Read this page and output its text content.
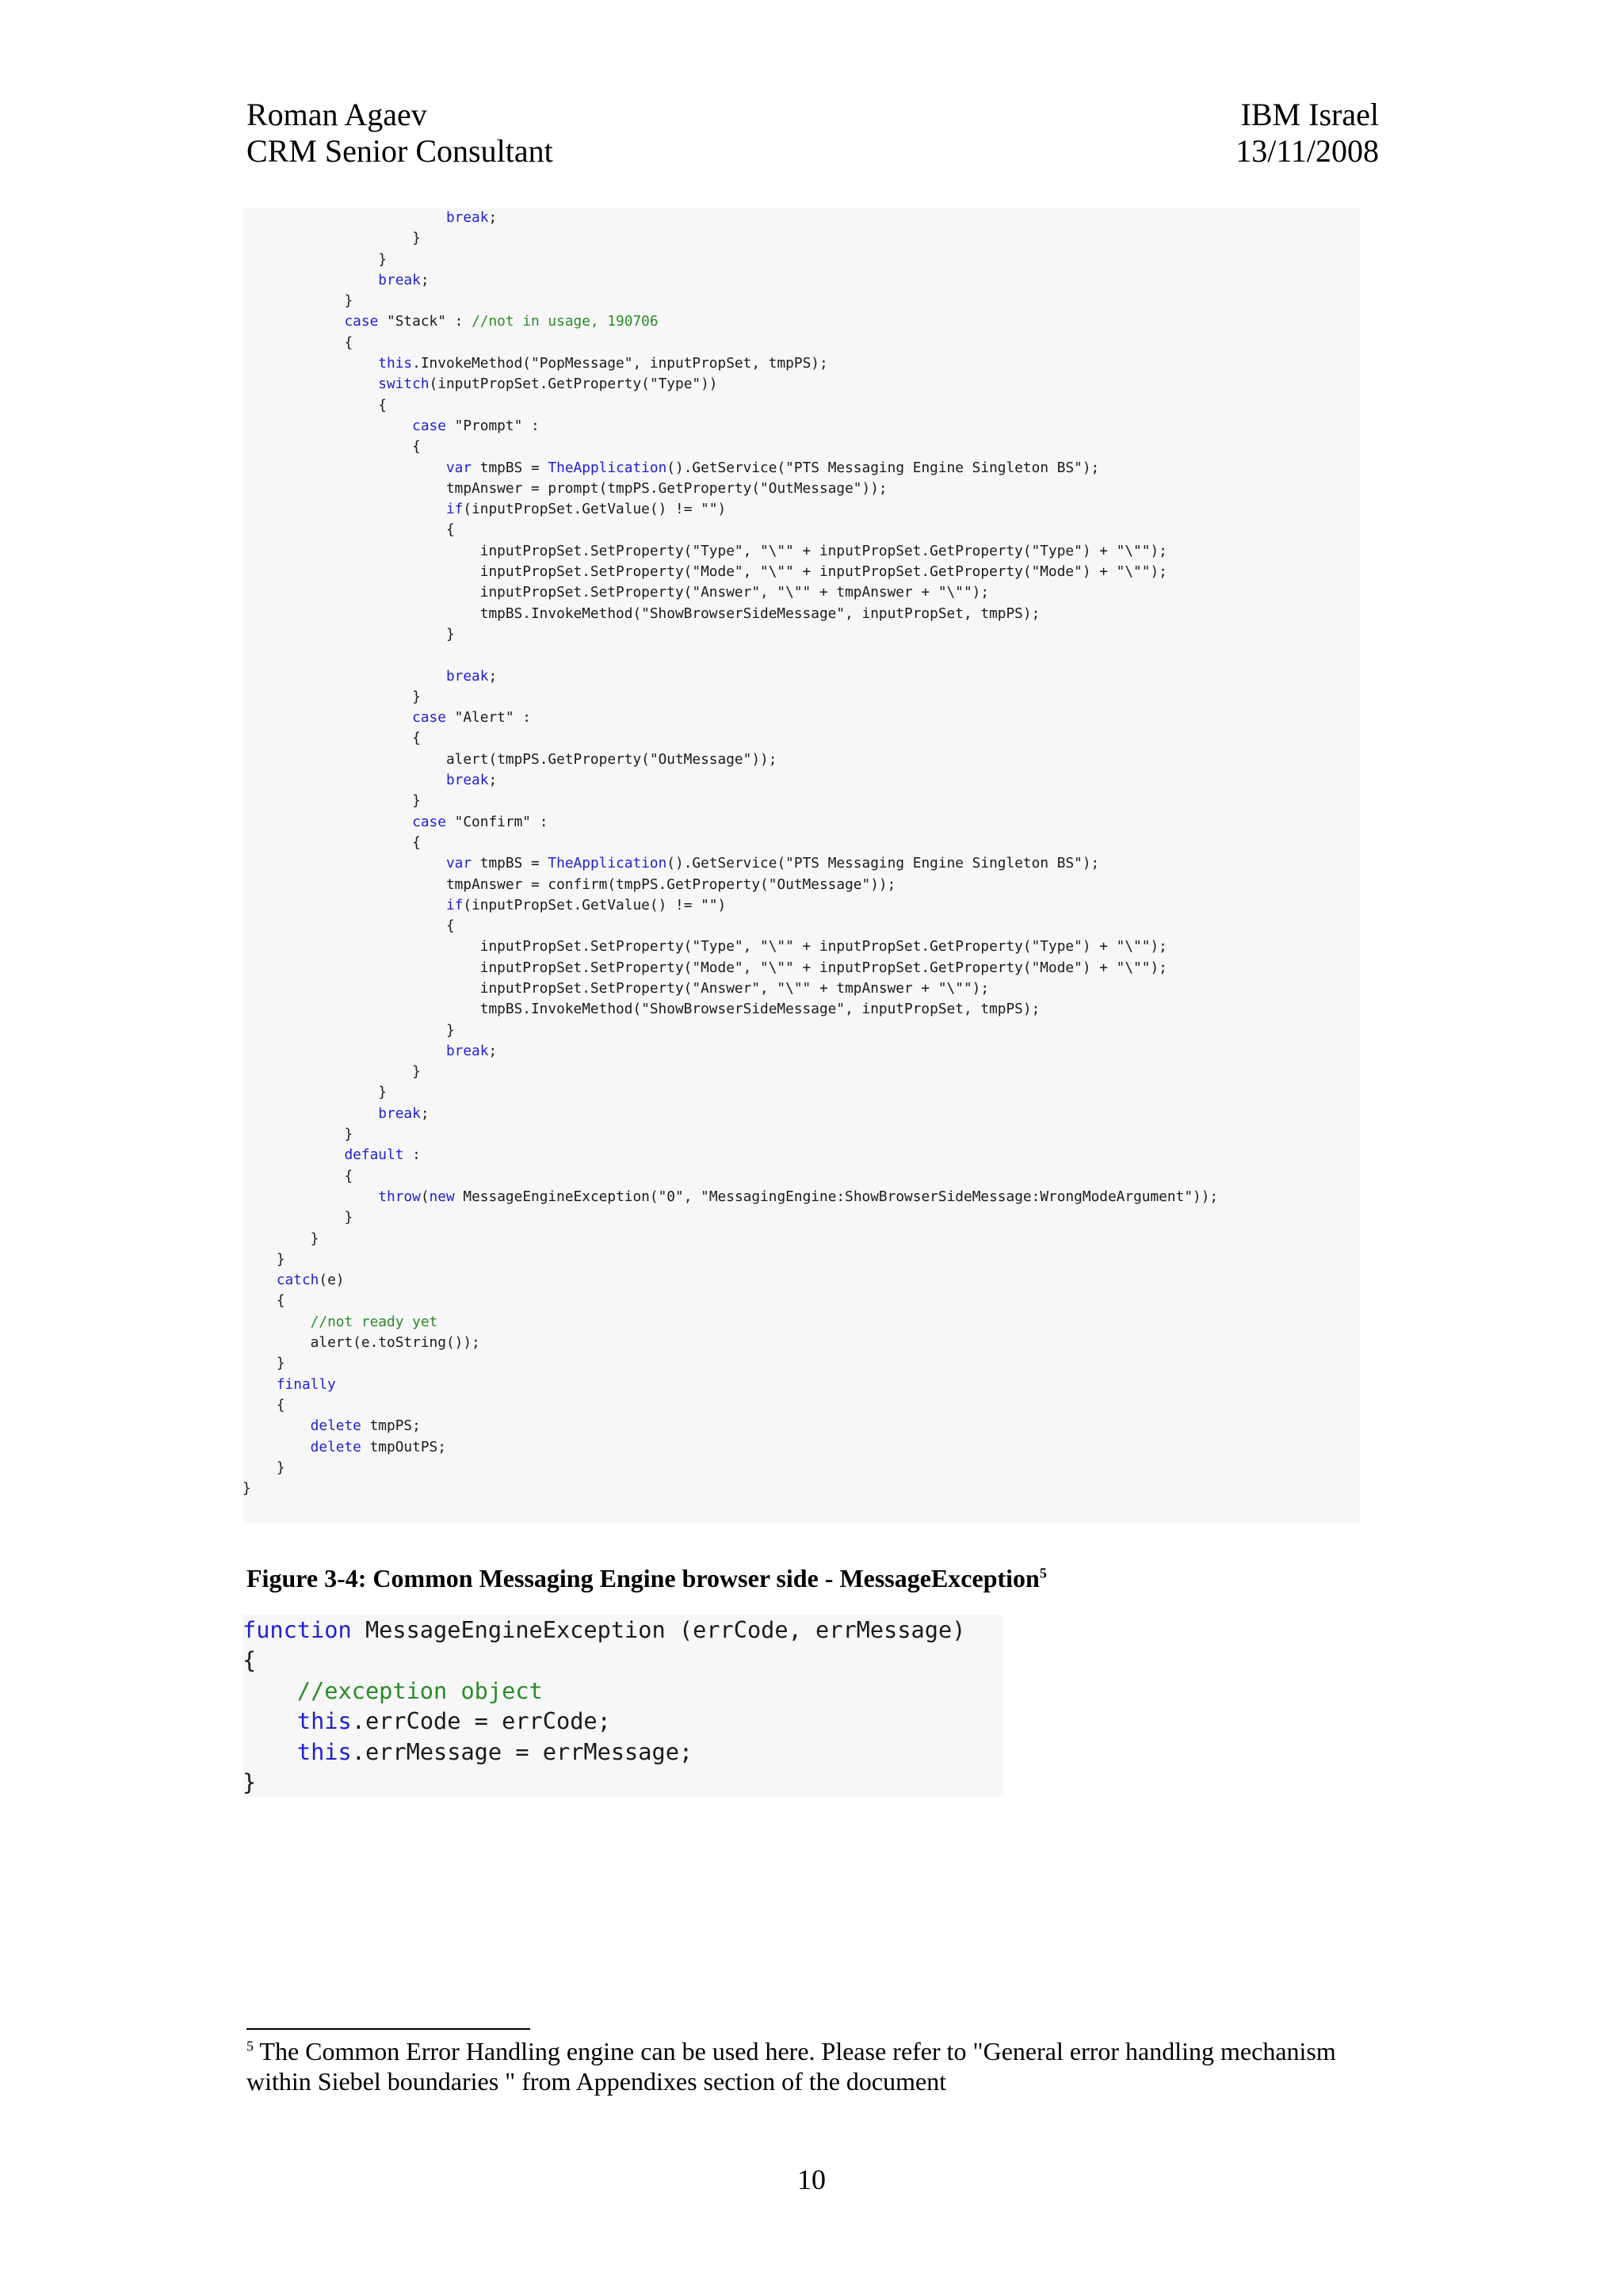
Roman Agaev
CRM Senior Consultant
IBM Israel
13/11/2008
break;
}
}
break;
}
case "Stack" : //not in usage, 190706
{
this.InvokeMethod("PopMessage", inputPropSet, tmpPS);
switch(inputPropSet.GetProperty("Type"))
{
case "Prompt" :
{
var tmpBS = TheApplication().GetService("PTS Messaging Engine Singleton BS");
tmpAnswer = prompt(tmpPS.GetProperty("OutMessage"));
if(inputPropSet.GetValue() != "")
{
inputPropSet.SetProperty("Type", "\"" + inputPropSet.GetProperty("Type") + "\"");
inputPropSet.SetProperty("Mode", "\"" + inputPropSet.GetProperty("Mode") + "\"");
inputPropSet.SetProperty("Answer", "\"" + tmpAnswer + "\"");
tmpBS.InvokeMethod("ShowBrowserSideMessage", inputPropSet, tmpPS);
}
break;
}
case "Alert" :
{
alert(tmpPS.GetProperty("OutMessage"));
break;
}
case "Confirm" :
{
var tmpBS = TheApplication().GetService("PTS Messaging Engine Singleton BS");
tmpAnswer = confirm(tmpPS.GetProperty("OutMessage"));
if(inputPropSet.GetValue() != "")
{
inputPropSet.SetProperty("Type", "\"" + inputPropSet.GetProperty("Type") + "\"");
inputPropSet.SetProperty("Mode", "\"" + inputPropSet.GetProperty("Mode") + "\"");
inputPropSet.SetProperty("Answer", "\"" + tmpAnswer + "\"");
tmpBS.InvokeMethod("ShowBrowserSideMessage", inputPropSet, tmpPS);
}
break;
}
}
break;
}
default :
{
throw(new MessageEngineException("0", "MessagingEngine:ShowBrowserSideMessage:WrongModeArgument"));
}
}
}
catch(e)
{
//not ready yet
alert(e.toString());
}
finally
{
delete tmpPS;
delete tmpOutPS;
}
}
Figure 3-4: Common Messaging Engine browser side - MessageException$^5$
function MessageEngineException (errCode, errMessage)
{
//exception object
this.errCode = errCode;
this.errMessage = errMessage;
}
$^5$ The Common Error Handling engine can be used here. Please refer to "General error handling mechanism within Siebel boundaries " from Appendixes section of the document
10
